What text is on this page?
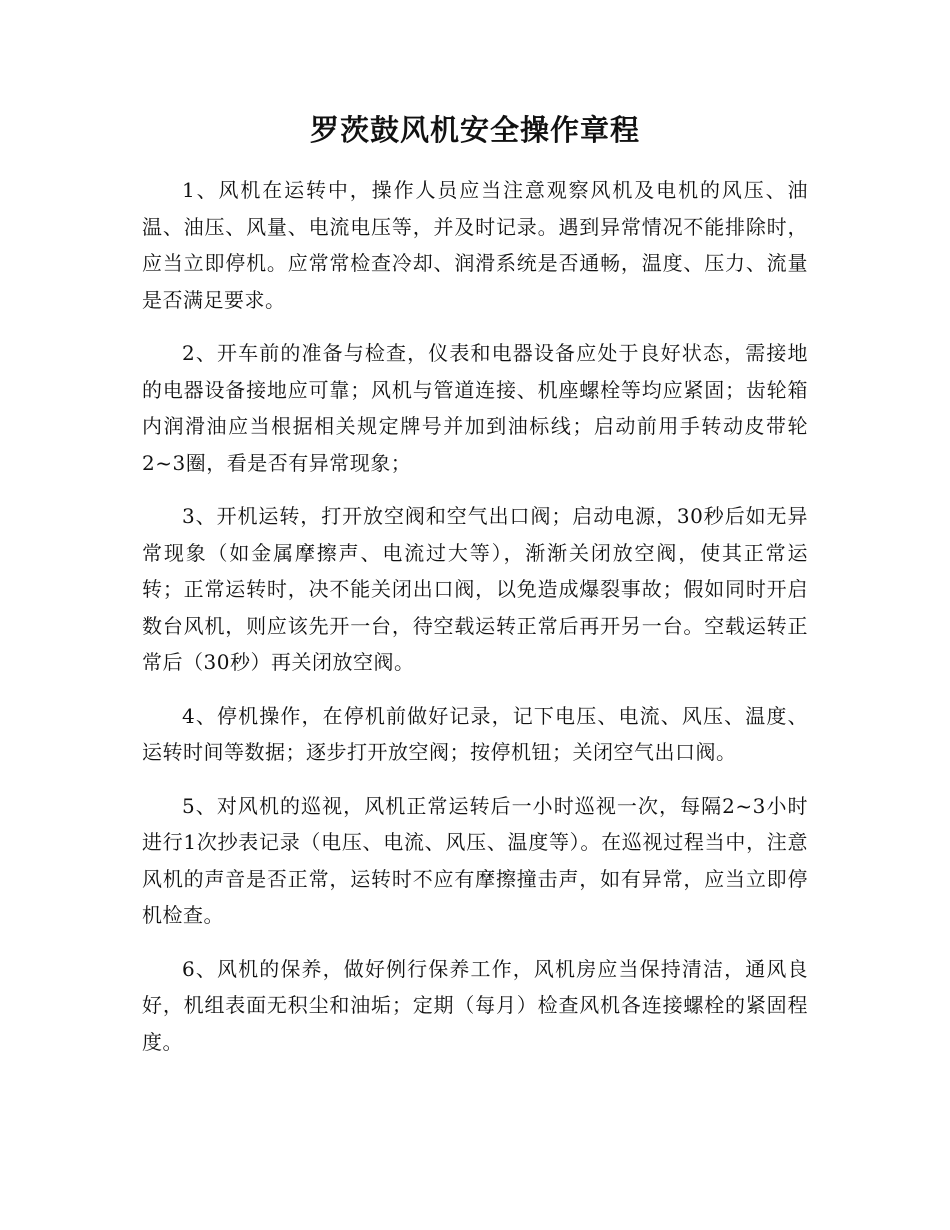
罗茨鼓风机安全操作章程

1、风机在运转中，操作人员应当注意观察风机及电机的风压、油温、油压、风量、电流电压等，并及时记录。遇到异常情况不能排除时，应当立即停机。应常常检查冷却、润滑系统是否通畅，温度、压力、流量是否满足要求。

2、开车前的准备与检查，仪表和电器设备应处于良好状态，需接地的电器设备接地应可靠；风机与管道连接、机座螺栓等均应紧固；齿轮箱内润滑油应当根据相关规定牌号并加到油标线；启动前用手转动皮带轮2~3圈，看是否有异常现象；

3、开机运转，打开放空阀和空气出口阀；启动电源，30秒后如无异常现象（如金属摩擦声、电流过大等），渐渐关闭放空阀，使其正常运转；正常运转时，决不能关闭出口阀，以免造成爆裂事故；假如同时开启数台风机，则应该先开一台，待空载运转正常后再开另一台。空载运转正常后（30秒）再关闭放空阀。

4、停机操作，在停机前做好记录，记下电压、电流、风压、温度、运转时间等数据；逐步打开放空阀；按停机钮；关闭空气出口阀。

5、对风机的巡视，风机正常运转后一小时巡视一次，每隔2~3小时进行1次抄表记录（电压、电流、风压、温度等）。在巡视过程当中，注意风机的声音是否正常，运转时不应有摩擦撞击声，如有异常，应当立即停机检查。

6、风机的保养，做好例行保养工作，风机房应当保持清洁，通风良好，机组表面无积尘和油垢；定期（每月）检查风机各连接螺栓的紧固程度。
